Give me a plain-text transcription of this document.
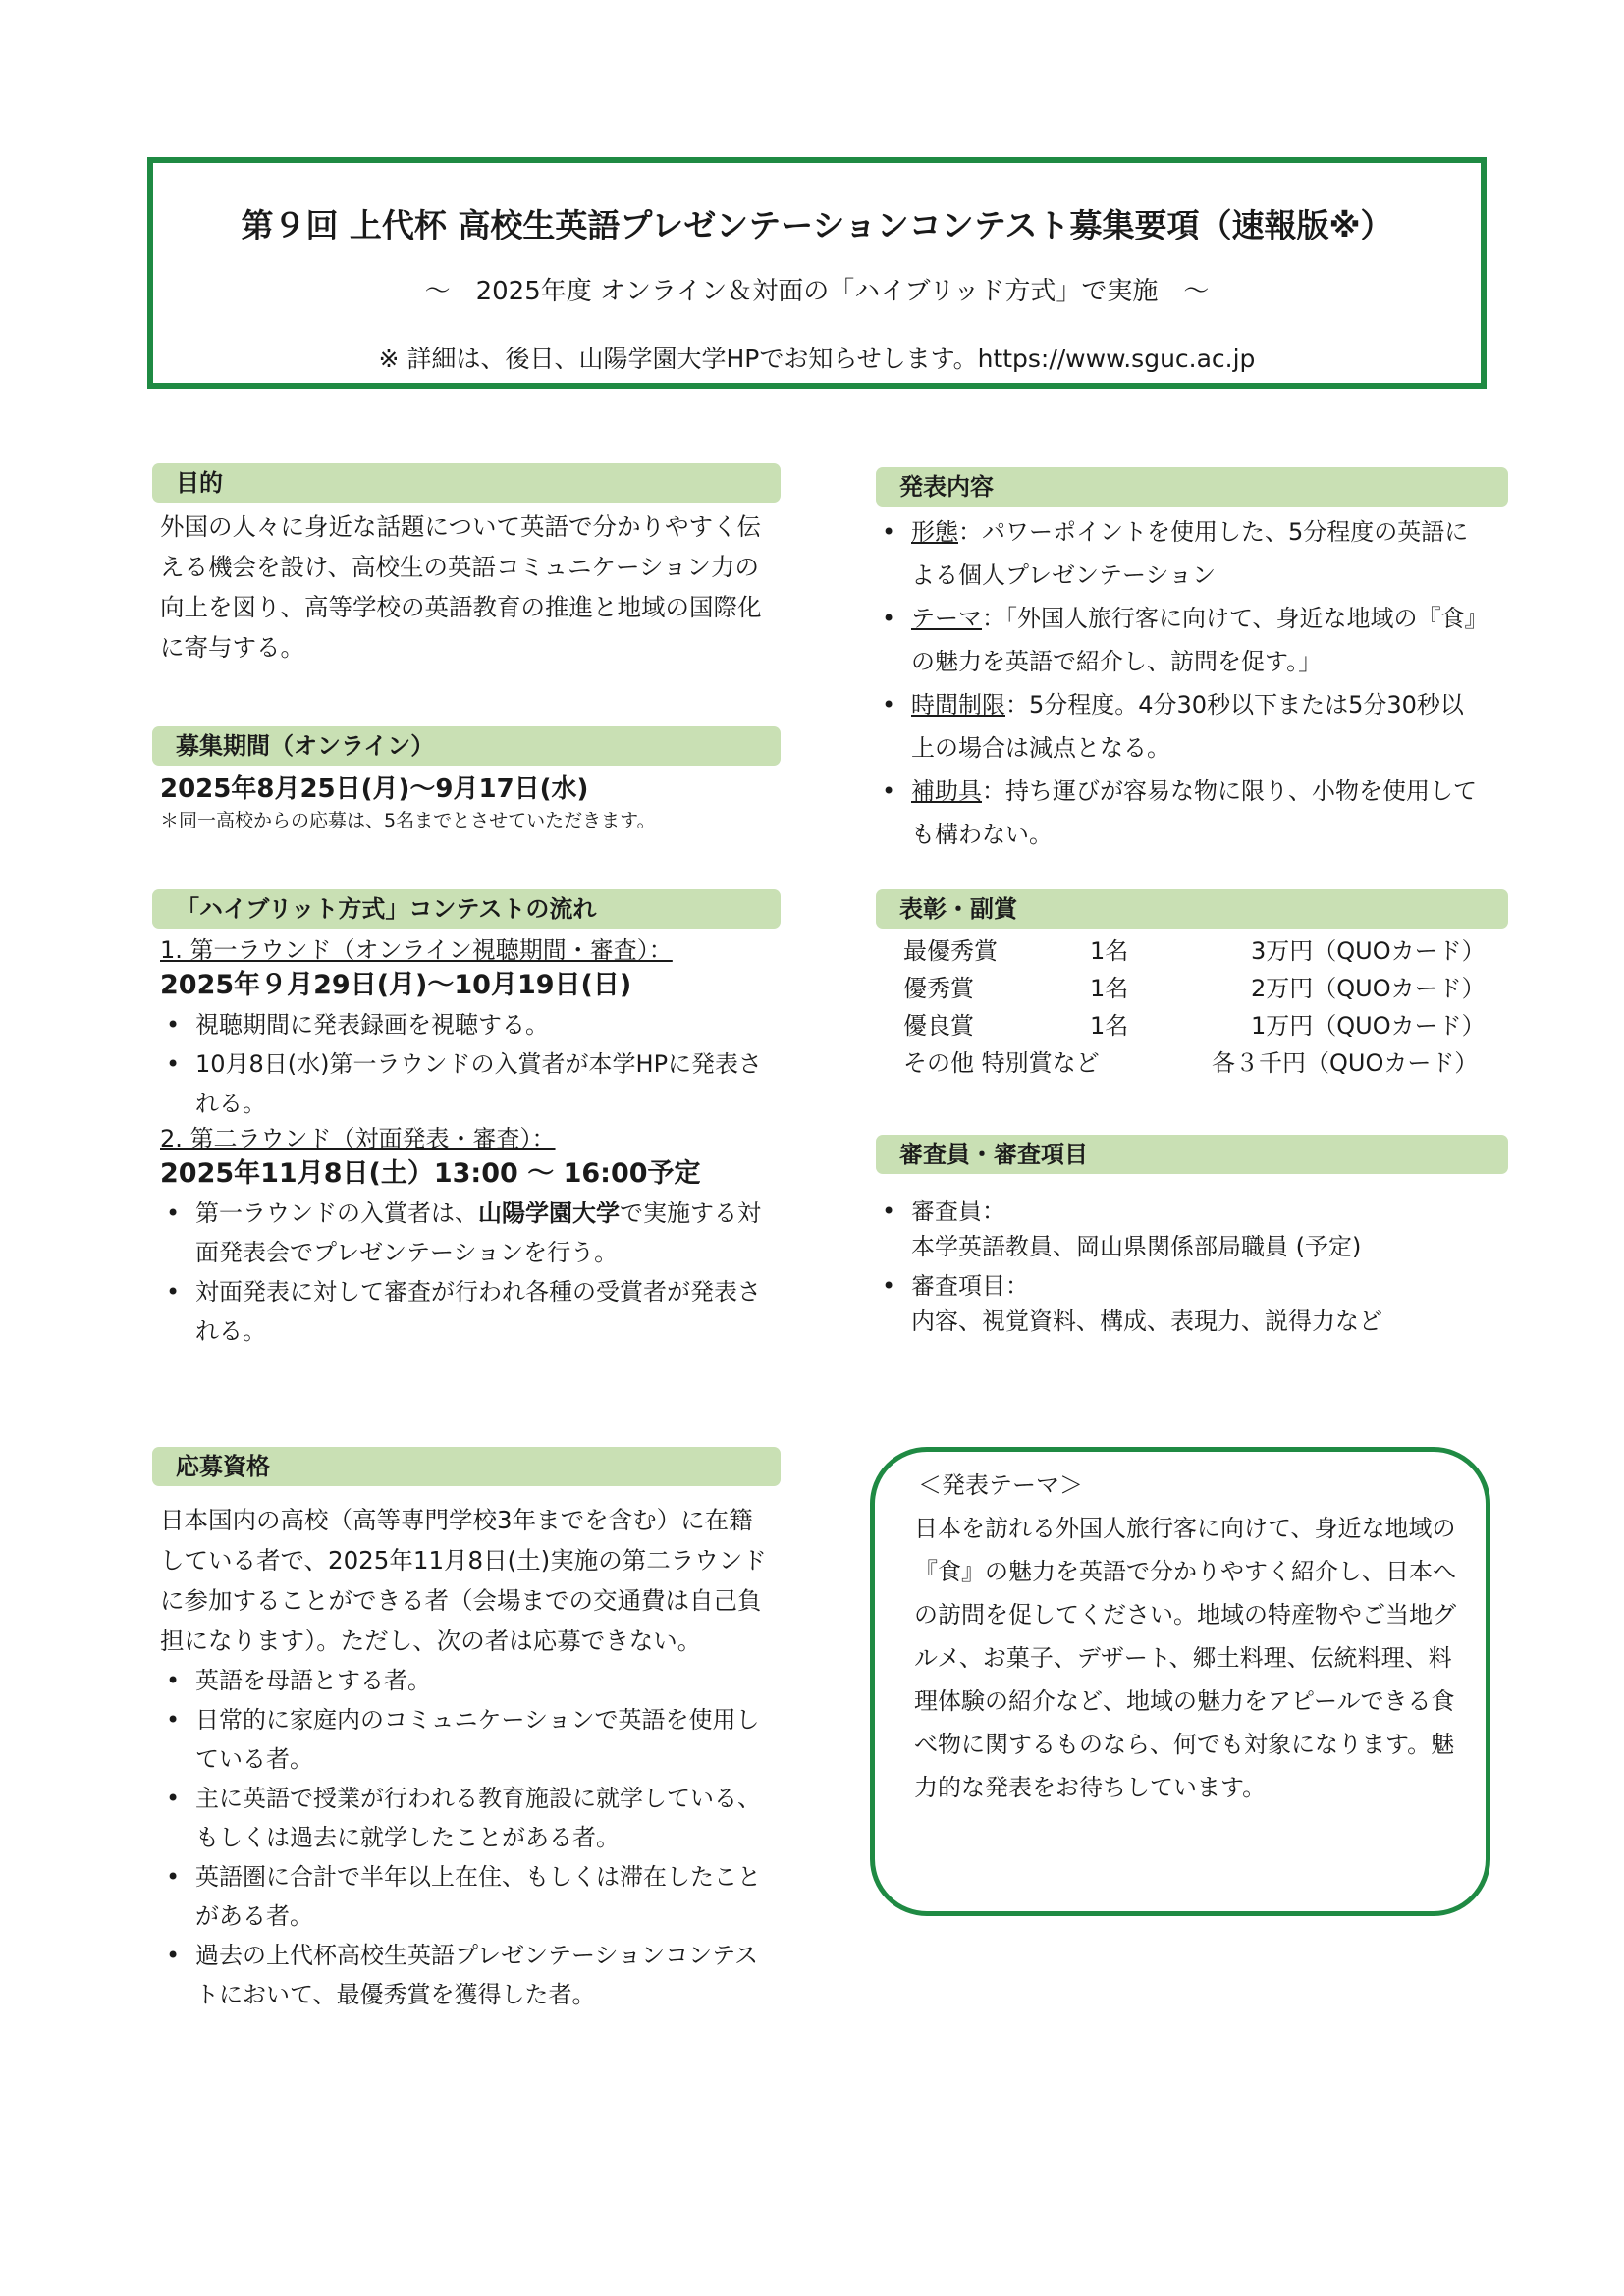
第９回 上代杯 高校生英語プレゼンテーションコンテスト募集要項（速報版※）
～　2025年度 オンライン＆対面の「ハイブリッド方式」で実施　～
※ 詳細は、後日、山陽学園大学HPでお知らせします。https://www.sguc.ac.jp
目的
外国の人々に身近な話題について英語で分かりやすく伝える機会を設け、高校生の英語コミュニケーション力の向上を図り、高等学校の英語教育の推進と地域の国際化に寄与する。
募集期間（オンライン）
2025年8月25日(月)～9月17日(水)
＊同一高校からの応募は、5名までとさせていただきます。
「ハイブリット方式」コンテストの流れ
1. 第一ラウンド（オンライン視聴期間・審査）：
2025年９月29日(月)～10月19日(日)
• 視聴期間に発表録画を視聴する。
• 10月8日(水)第一ラウンドの入賞者が本学HPに発表される。
2. 第二ラウンド（対面発表・審査）：
2025年11月8日(土）13:00 ～ 16:00予定
• 第一ラウンドの入賞者は、山陽学園大学で実施する対面発表会でプレゼンテーションを行う。
• 対面発表に対して審査が行われ各種の受賞者が発表される。
応募資格
日本国内の高校（高等専門学校3年までを含む）に在籍している者で、2025年11月8日(土)実施の第二ラウンドに参加することができる者（会場までの交通費は自己負担になります）。ただし、次の者は応募できない。
• 英語を母語とする者。
• 日常的に家庭内のコミュニケーションで英語を使用している者。
• 主に英語で授業が行われる教育施設に就学している、もしくは過去に就学したことがある者。
• 英語圏に合計で半年以上在住、もしくは滞在したことがある者。
• 過去の上代杯高校生英語プレゼンテーションコンテストにおいて、最優秀賞を獲得した者。
発表内容
• 形態：パワーポイントを使用した、5分程度の英語による個人プレゼンテーション
• テーマ：「外国人旅行客に向けて、身近な地域の『食』の魅力を英語で紹介し、訪問を促す。」
• 時間制限：5分程度。4分30秒以下または5分30秒以上の場合は減点となる。
• 補助具：持ち運びが容易な物に限り、小物を使用しても構わない。
表彰・副賞
最優秀賞	1名	3万円（QUOカード）
優秀賞	1名	2万円（QUOカード）
優良賞	1名	1万円（QUOカード）
その他 特別賞など	各３千円（QUOカード）
審査員・審査項目
• 審査員：
本学英語教員、岡山県関係部局職員 (予定)
• 審査項目：
内容、視覚資料、構成、表現力、説得力など
＜発表テーマ＞
日本を訪れる外国人旅行客に向けて、身近な地域の『食』の魅力を英語で分かりやすく紹介し、日本への訪問を促してください。地域の特産物やご当地グルメ、お菓子、デザート、郷土料理、伝統料理、料理体験の紹介など、地域の魅力をアピールできる食べ物に関するものなら、何でも対象になります。魅力的な発表をお待ちしています。
